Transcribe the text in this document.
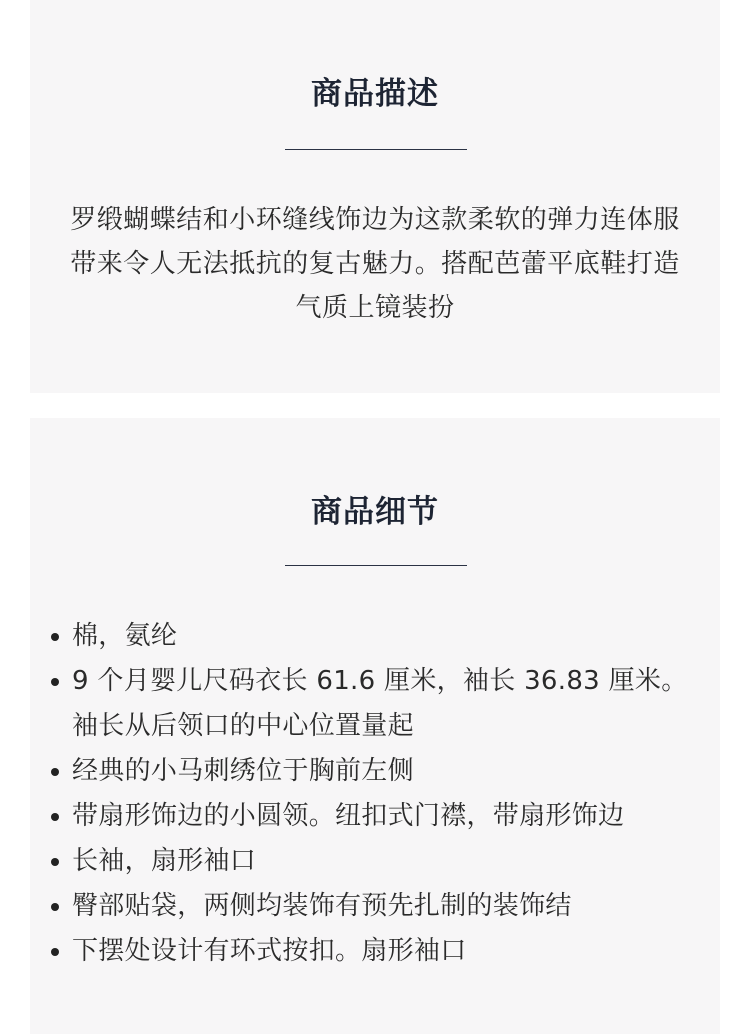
商品描述

罗缎蝴蝶结和小环缝线饰边为这款柔软的弹力连体服带来令人无法抵抗的复古魅力。搭配芭蕾平底鞋打造气质上镜装扮

商品细节
棉，氨纶
9 个月婴儿尺码衣长 61.6 厘米，袖长 36.83 厘米。袖长从后领口的中心位置量起
经典的小马刺绣位于胸前左侧
带扇形饰边的小圆领。纽扣式门襟，带扇形饰边
长袖，扇形袖口
臀部贴袋，两侧均装饰有预先扎制的装饰结
下摆处设计有环式按扣。扇形袖口
